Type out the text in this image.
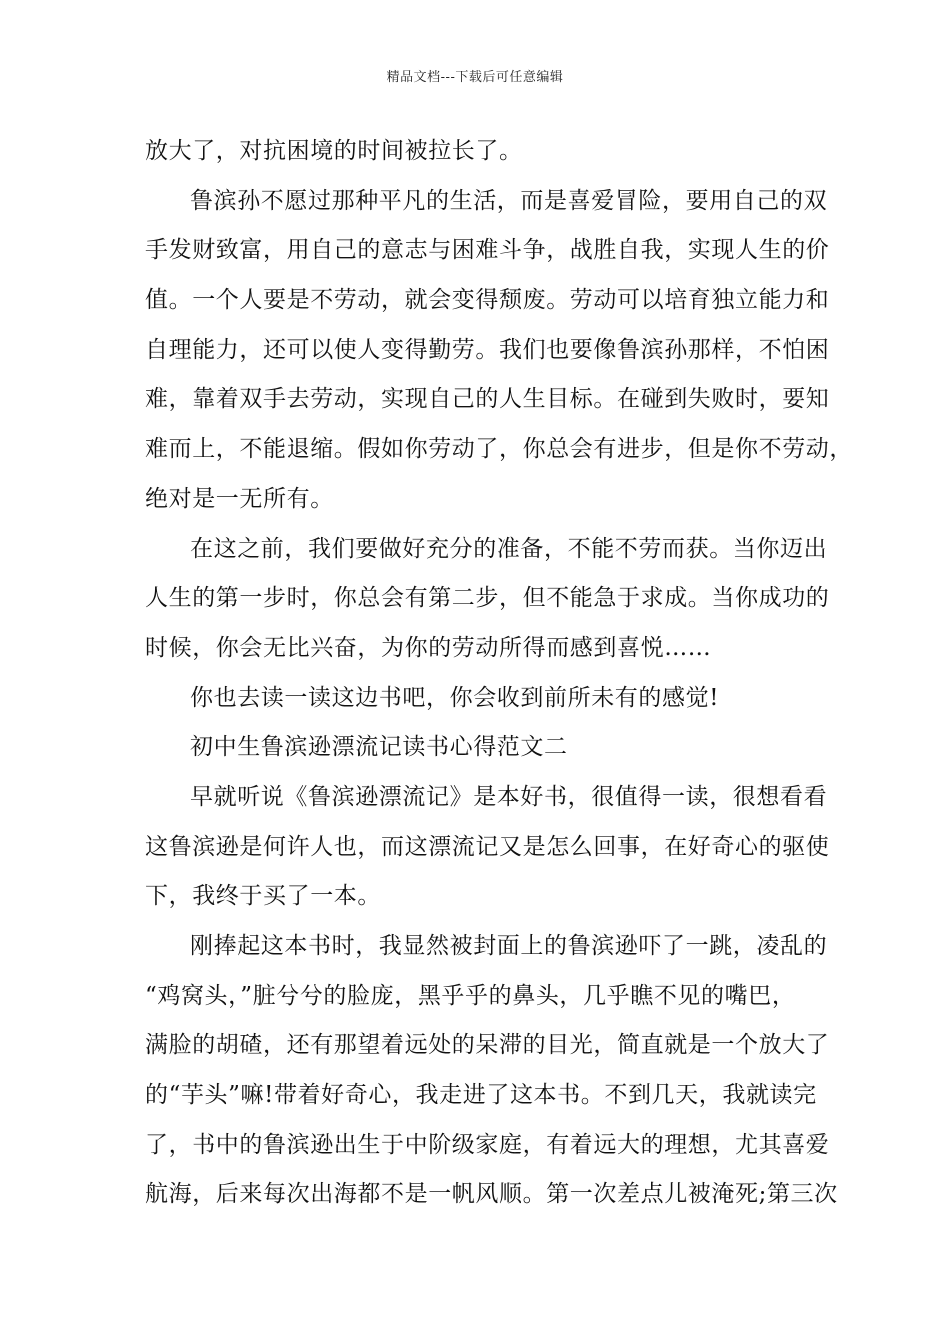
精品文档---下载后可任意编辑
放大了，对抗困境的时间被拉长了。
鲁滨孙不愿过那种平凡的生活，而是喜爱冒险，要用自己的双
手发财致富，用自己的意志与困难斗争，战胜自我，实现人生的价
值。一个人要是不劳动，就会变得颓废。劳动可以培育独立能力和
自理能力，还可以使人变得勤劳。我们也要像鲁滨孙那样，不怕困
难，靠着双手去劳动，实现自己的人生目标。在碰到失败时，要知
难而上，不能退缩。假如你劳动了，你总会有进步，但是你不劳动，
绝对是一无所有。
在这之前，我们要做好充分的准备，不能不劳而获。当你迈出
人生的第一步时，你总会有第二步，但不能急于求成。当你成功的
时候，你会无比兴奋，为你的劳动所得而感到喜悦……
你也去读一读这边书吧，你会收到前所未有的感觉!
初中生鲁滨逊漂流记读书心得范文二
早就听说《鲁滨逊漂流记》是本好书，很值得一读，很想看看
这鲁滨逊是何许人也，而这漂流记又是怎么回事，在好奇心的驱使
下，我终于买了一本。
刚捧起这本书时，我显然被封面上的鲁滨逊吓了一跳，凌乱的
“鸡窝头，”脏兮兮的脸庞，黑乎乎的鼻头，几乎瞧不见的嘴巴，
满脸的胡碴，还有那望着远处的呆滞的目光，简直就是一个放大了
的“芋头”嘛!带着好奇心，我走进了这本书。不到几天，我就读完
了，书中的鲁滨逊出生于中阶级家庭，有着远大的理想，尤其喜爱
航海，后来每次出海都不是一帆风顺。第一次差点儿被淹死;第三次
